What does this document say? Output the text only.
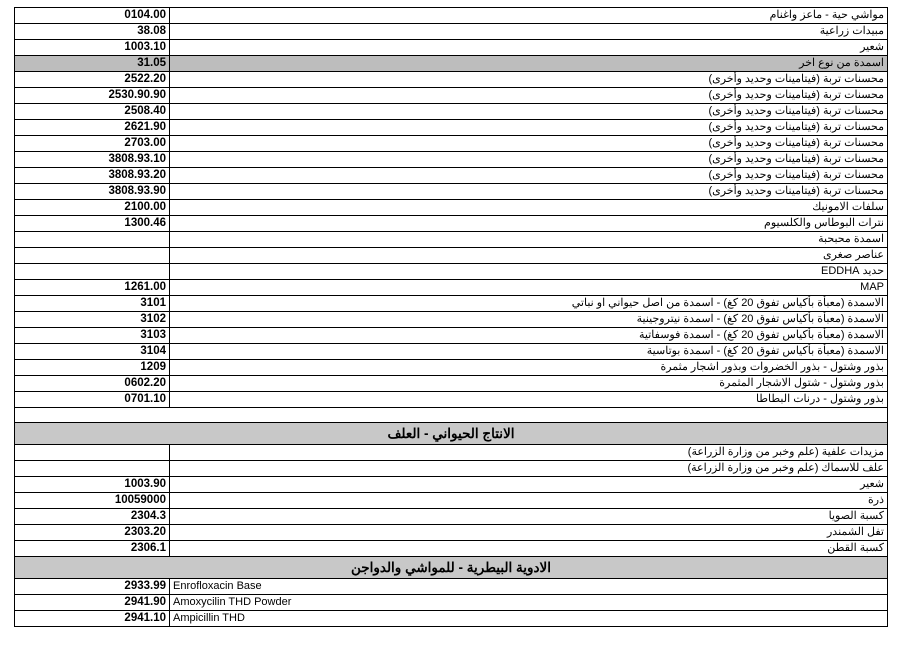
0104.00	مواشي حية - ماعز واغنام
38.08	مبيدات زراعية
1003.10	شعير
31.05	اسمدة من نوع اخر
2522.20	محسنات تربة (فيتامينات وحديد وأخرى)
2530.90.90	محسنات تربة (فيتامينات وحديد وأخرى)
2508.40	محسنات تربة (فيتامينات وحديد وأخرى)
2621.90	محسنات تربة (فيتامينات وحديد وأخرى)
2703.00	محسنات تربة (فيتامينات وحديد وأخرى)
3808.93.10	محسنات تربة (فيتامينات وحديد وأخرى)
3808.93.20	محسنات تربة (فيتامينات وحديد وأخرى)
3808.93.90	محسنات تربة (فيتامينات وحديد وأخرى)
2100.00	سلفات الامونيك
1300.46	نترات البوطاس والكلسيوم
	اسمدة محبحبة
	عناصر صغرى
	حديد EDDHA
1261.00	MAP
3101	الاسمدة (معبأة بأكياس تفوق 20 كغ) - اسمدة من اصل حيواني او نباتي
3102	الاسمدة (معبأة بأكياس تفوق 20 كغ) - اسمدة نيتروجينية
3103	الاسمدة (معبأة بأكياس تفوق 20 كغ) - اسمدة فوسفاتية
3104	الاسمدة (معبأة بأكياس تفوق 20 كغ) - اسمدة بوتاسية
1209	بذور وشتول - بذور الخضروات وبذور اشجار مثمرة
0602.20	بذور وشتول - شتول الاشجار المثمرة
0701.10	بذور وشتول - درنات البطاطا

الانتاج الحيواني - العلف	
	مزيدات علفية (علم وخبر من وزارة الزراعة)
	علف للاسماك (علم وخبر من وزارة الزراعة)
1003.90	شعير
10059000	ذرة
2304.3	كسبة الصويا
2303.20	تفل الشمندر
2306.1	كسبة القطن
الادوية البيطرية - للمواشي والدواجن	
2933.99	Enrofloxacin Base
2941.90	Amoxycilin THD Powder
2941.10	Ampicillin THD
